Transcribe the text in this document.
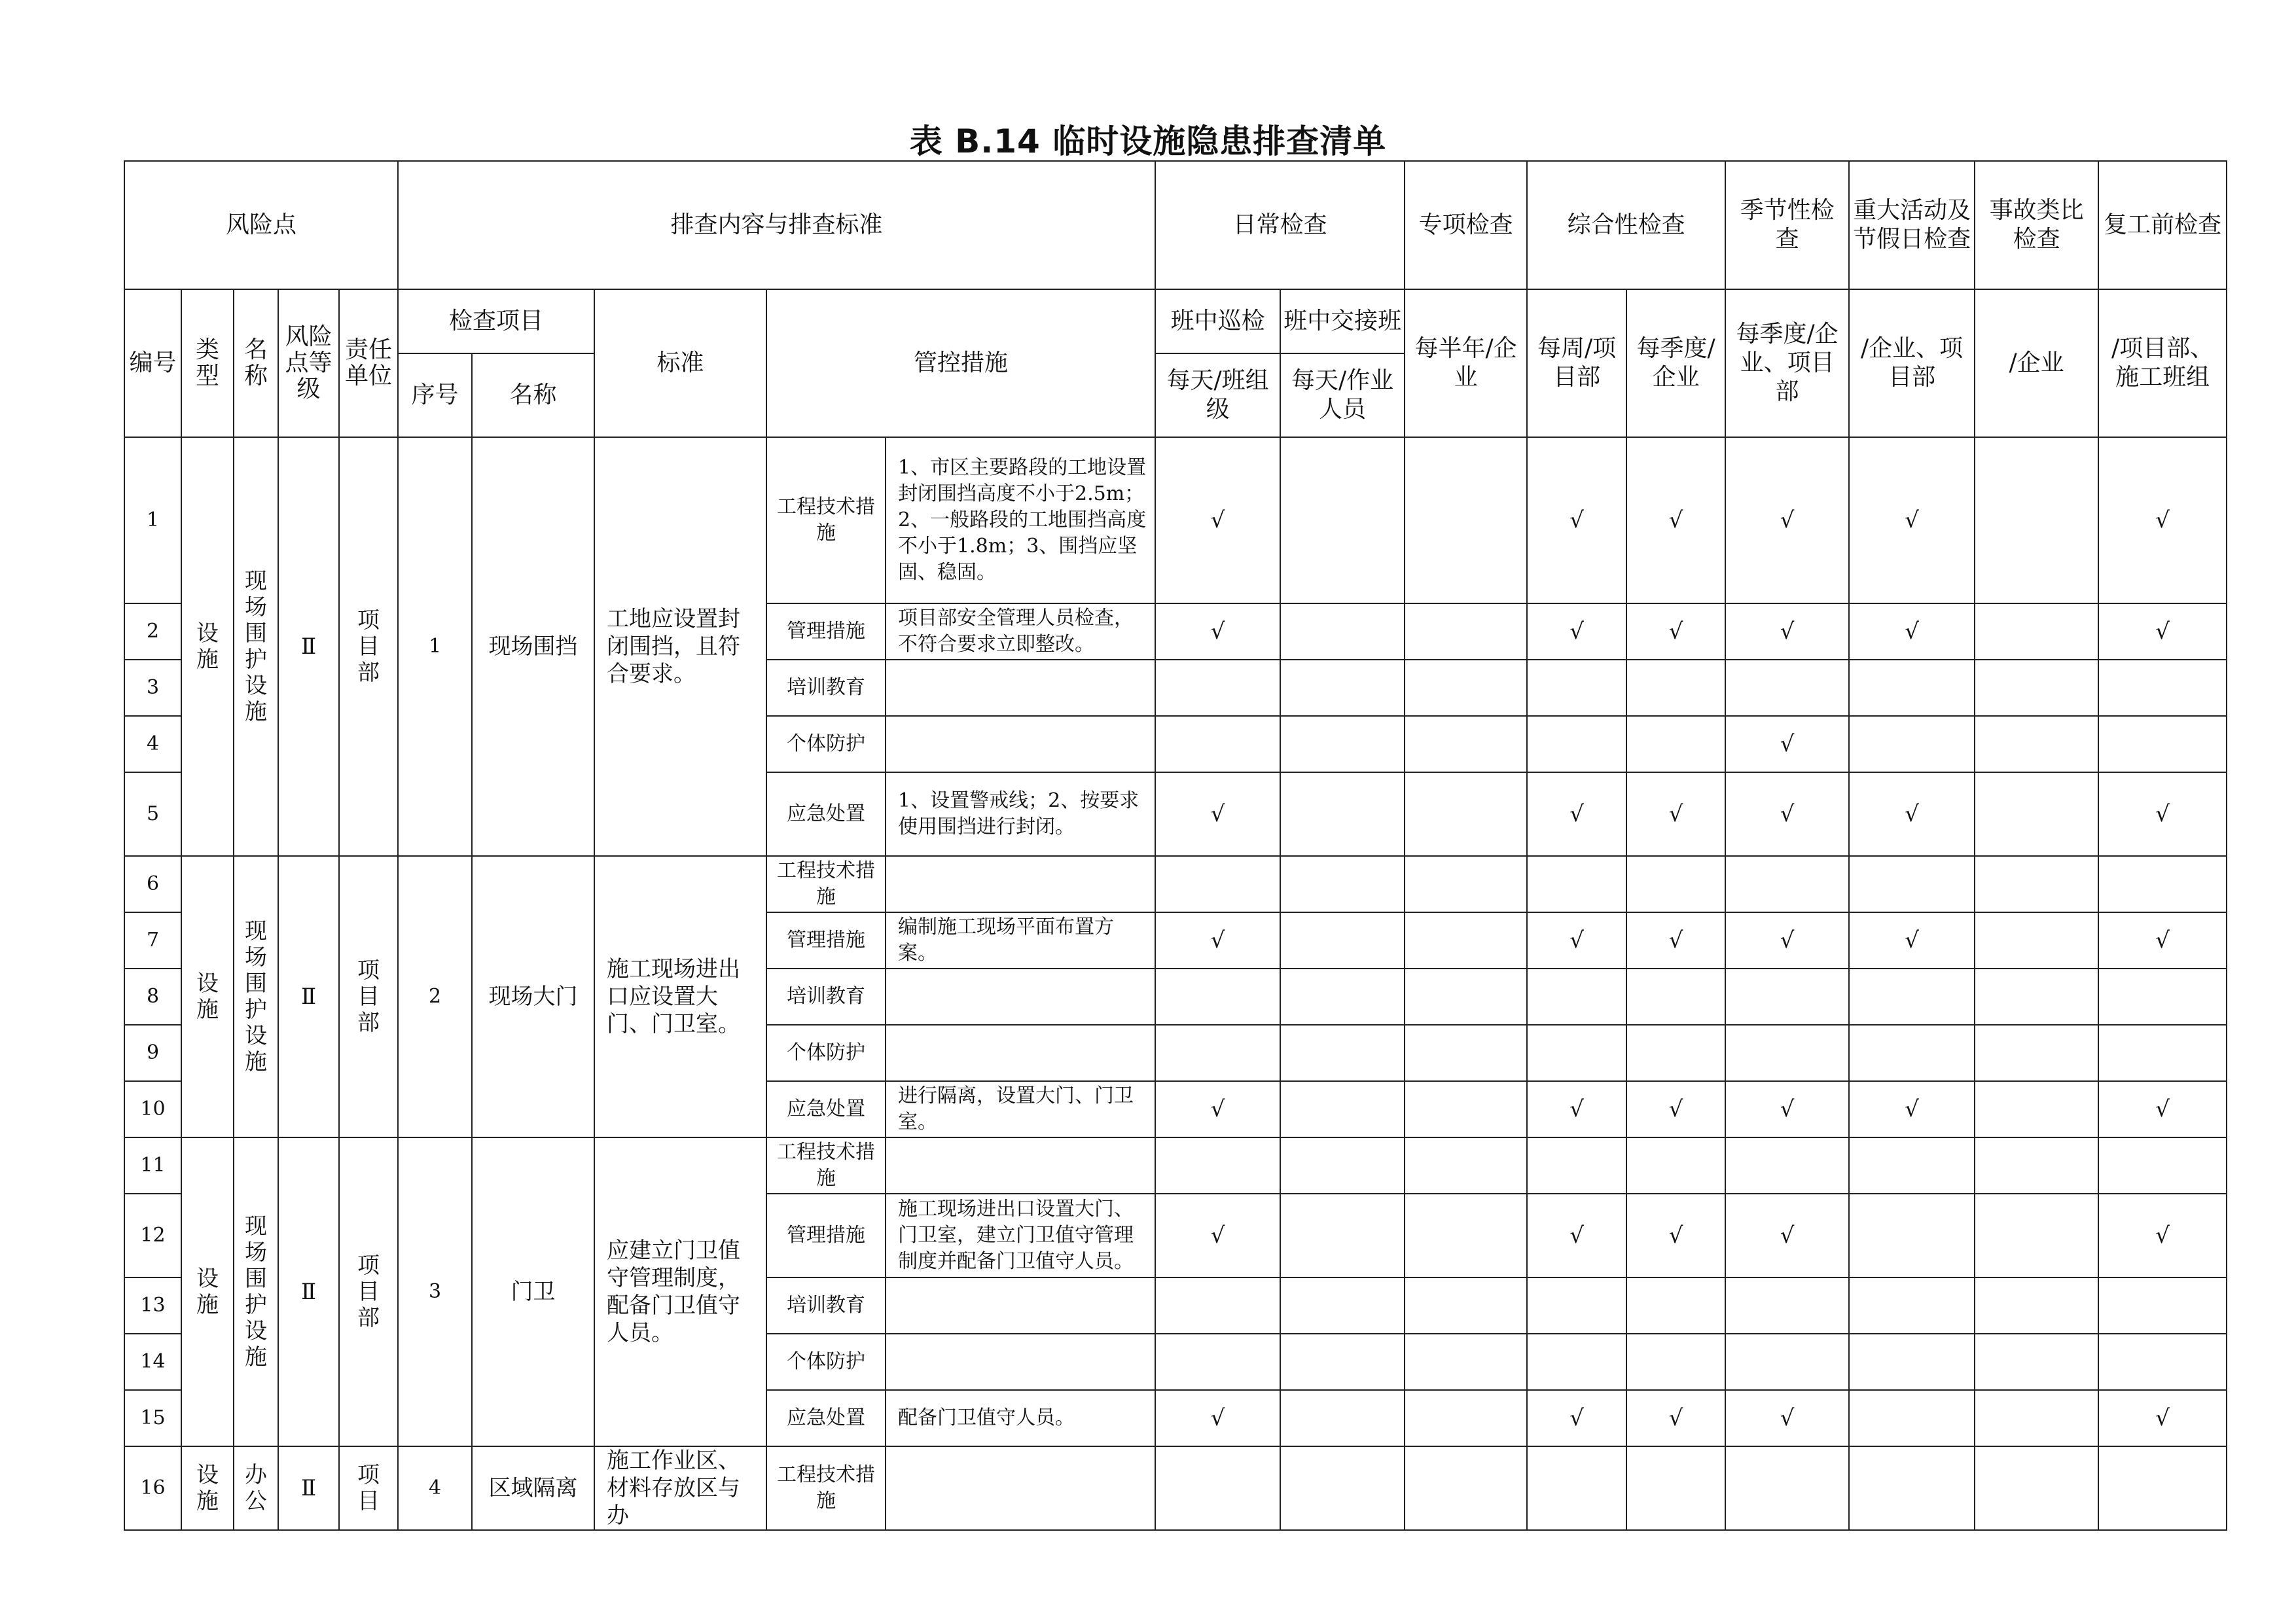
表 B.14 临时设施隐患排查清单
风险点					排查内容与排查标准					日常检查		专项检查	综合性检查		季节性检查	重大活动及节假日检查	事故类比检查	复工前检查
编号	类型	名称	风险点等级	责任单位	检查项目		标准	管控措施		班中巡检	班中交接班	每半年/企业	每周/项目部	每季度/企业	每季度/企业、项目部	/企业、项目部	/企业	/项目部、施工班组
					序号	名称				每天/班组级	每天/作业人员							
1	设施	现场围护设施	Ⅱ	项目部	1	现场围挡	工地应设置封闭围挡，且符合要求。	工程技术措施	1、市区主要路段的工地设置封闭围挡高度不小于2.5m；2、一般路段的工地围挡高度不小于1.8m；3、围挡应坚固、稳固。	√			√	√	√	√		√
2								管理措施	项目部安全管理人员检查，不符合要求立即整改。	√			√	√	√	√		√
3								培训教育										
4								个体防护							√			
5								应急处置	1、设置警戒线；2、按要求使用围挡进行封闭。	√			√	√	√	√		√
6	设施	现场围护设施	Ⅱ	项目部	2	现场大门	施工现场进出口应设置大门、门卫室。	工程技术措施										
7								管理措施	编制施工现场平面布置方案。	√			√	√	√	√		√
8								培训教育										
9								个体防护										
10								应急处置	进行隔离，设置大门、门卫室。	√			√	√	√	√		√
11	设施	现场围护设施	Ⅱ	项目部	3	门卫	应建立门卫值守管理制度，配备门卫值守人员。	工程技术措施										
12								管理措施	施工现场进出口设置大门、门卫室，建立门卫值守管理制度并配备门卫值守人员。	√			√	√	√			√
13								培训教育										
14								个体防护										
15								应急处置	配备门卫值守人员。	√			√	√	√			√
16	设施	办公	Ⅱ	项目	4	区域隔离	施工作业区、材料存放区与办	工程技术措施										
